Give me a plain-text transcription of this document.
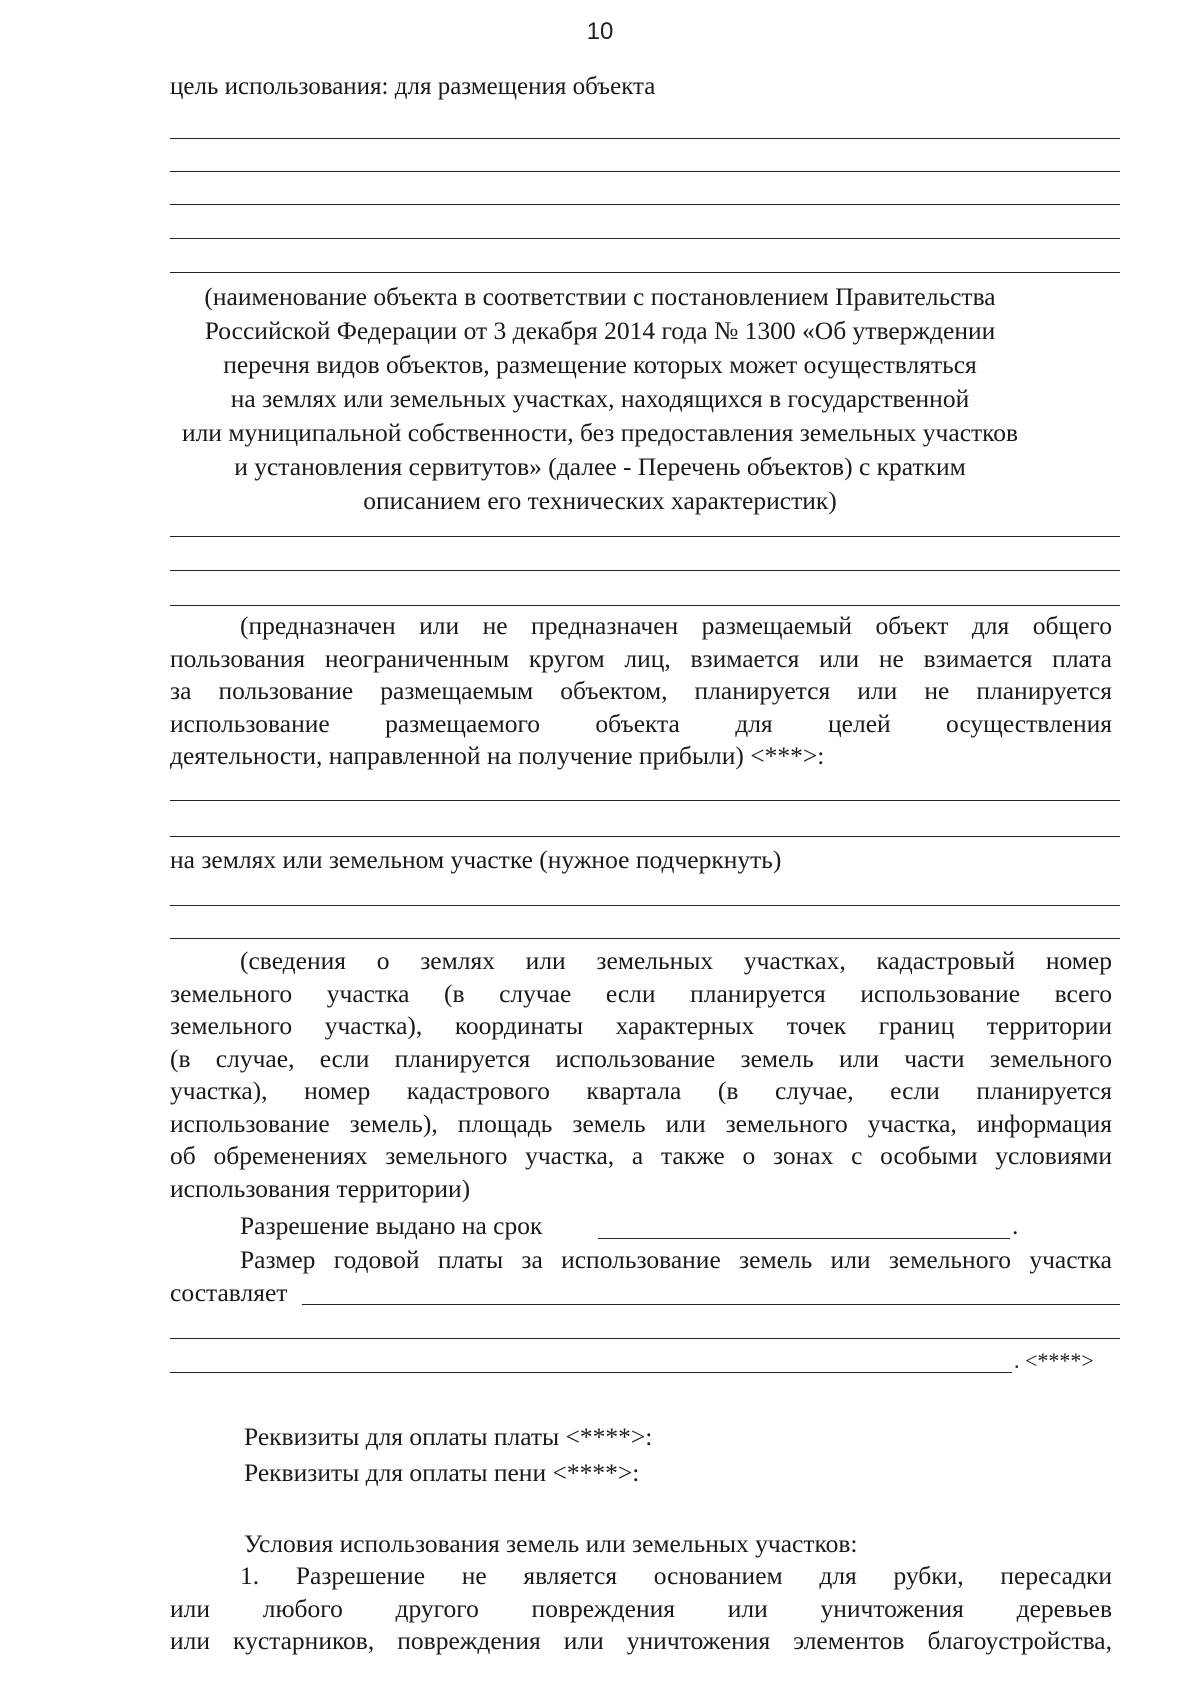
10
цель использования: для размещения объекта
(наименование объекта в соответствии с постановлением Правительства
Российской Федерации от 3 декабря 2014 года № 1300 «Об утверждении
перечня видов объектов, размещение которых может осуществляться
на землях или земельных участках, находящихся в государственной
или муниципальной собственности, без предоставления земельных участков
и установления сервитутов» (далее - Перечень объектов) с кратким
описанием его технических характеристик)
(предназначен или не предназначен размещаемый объект для общего
пользования неограниченным кругом лиц, взимается или не взимается плата
за пользование размещаемым объектом, планируется или не планируется
использование размещаемого объекта для целей осуществления
деятельности, направленной на получение прибыли) <***>:
на землях или земельном участке (нужное подчеркнуть)
(сведения о землях или земельных участках, кадастровый номер
земельного участка (в случае если планируется использование всего
земельного участка), координаты характерных точек границ территории
(в случае, если планируется использование земель или части земельного
участка), номер кадастрового квартала (в случае, если планируется
использование земель), площадь земель или земельного участка, информация
об обременениях земельного участка, а также о зонах с особыми условиями
использования территории)
Разрешение выдано на срок	.
Размер годовой платы за использование земель или земельного участка
составляет
. <****>
Реквизиты для оплаты платы <****>:
Реквизиты для оплаты пени <****>:
Условия использования земель или земельных участков:
1. Разрешение не является основанием для рубки, пересадки
или любого другого повреждения или уничтожения деревьев
или кустарников, повреждения или уничтожения элементов благоустройства,
